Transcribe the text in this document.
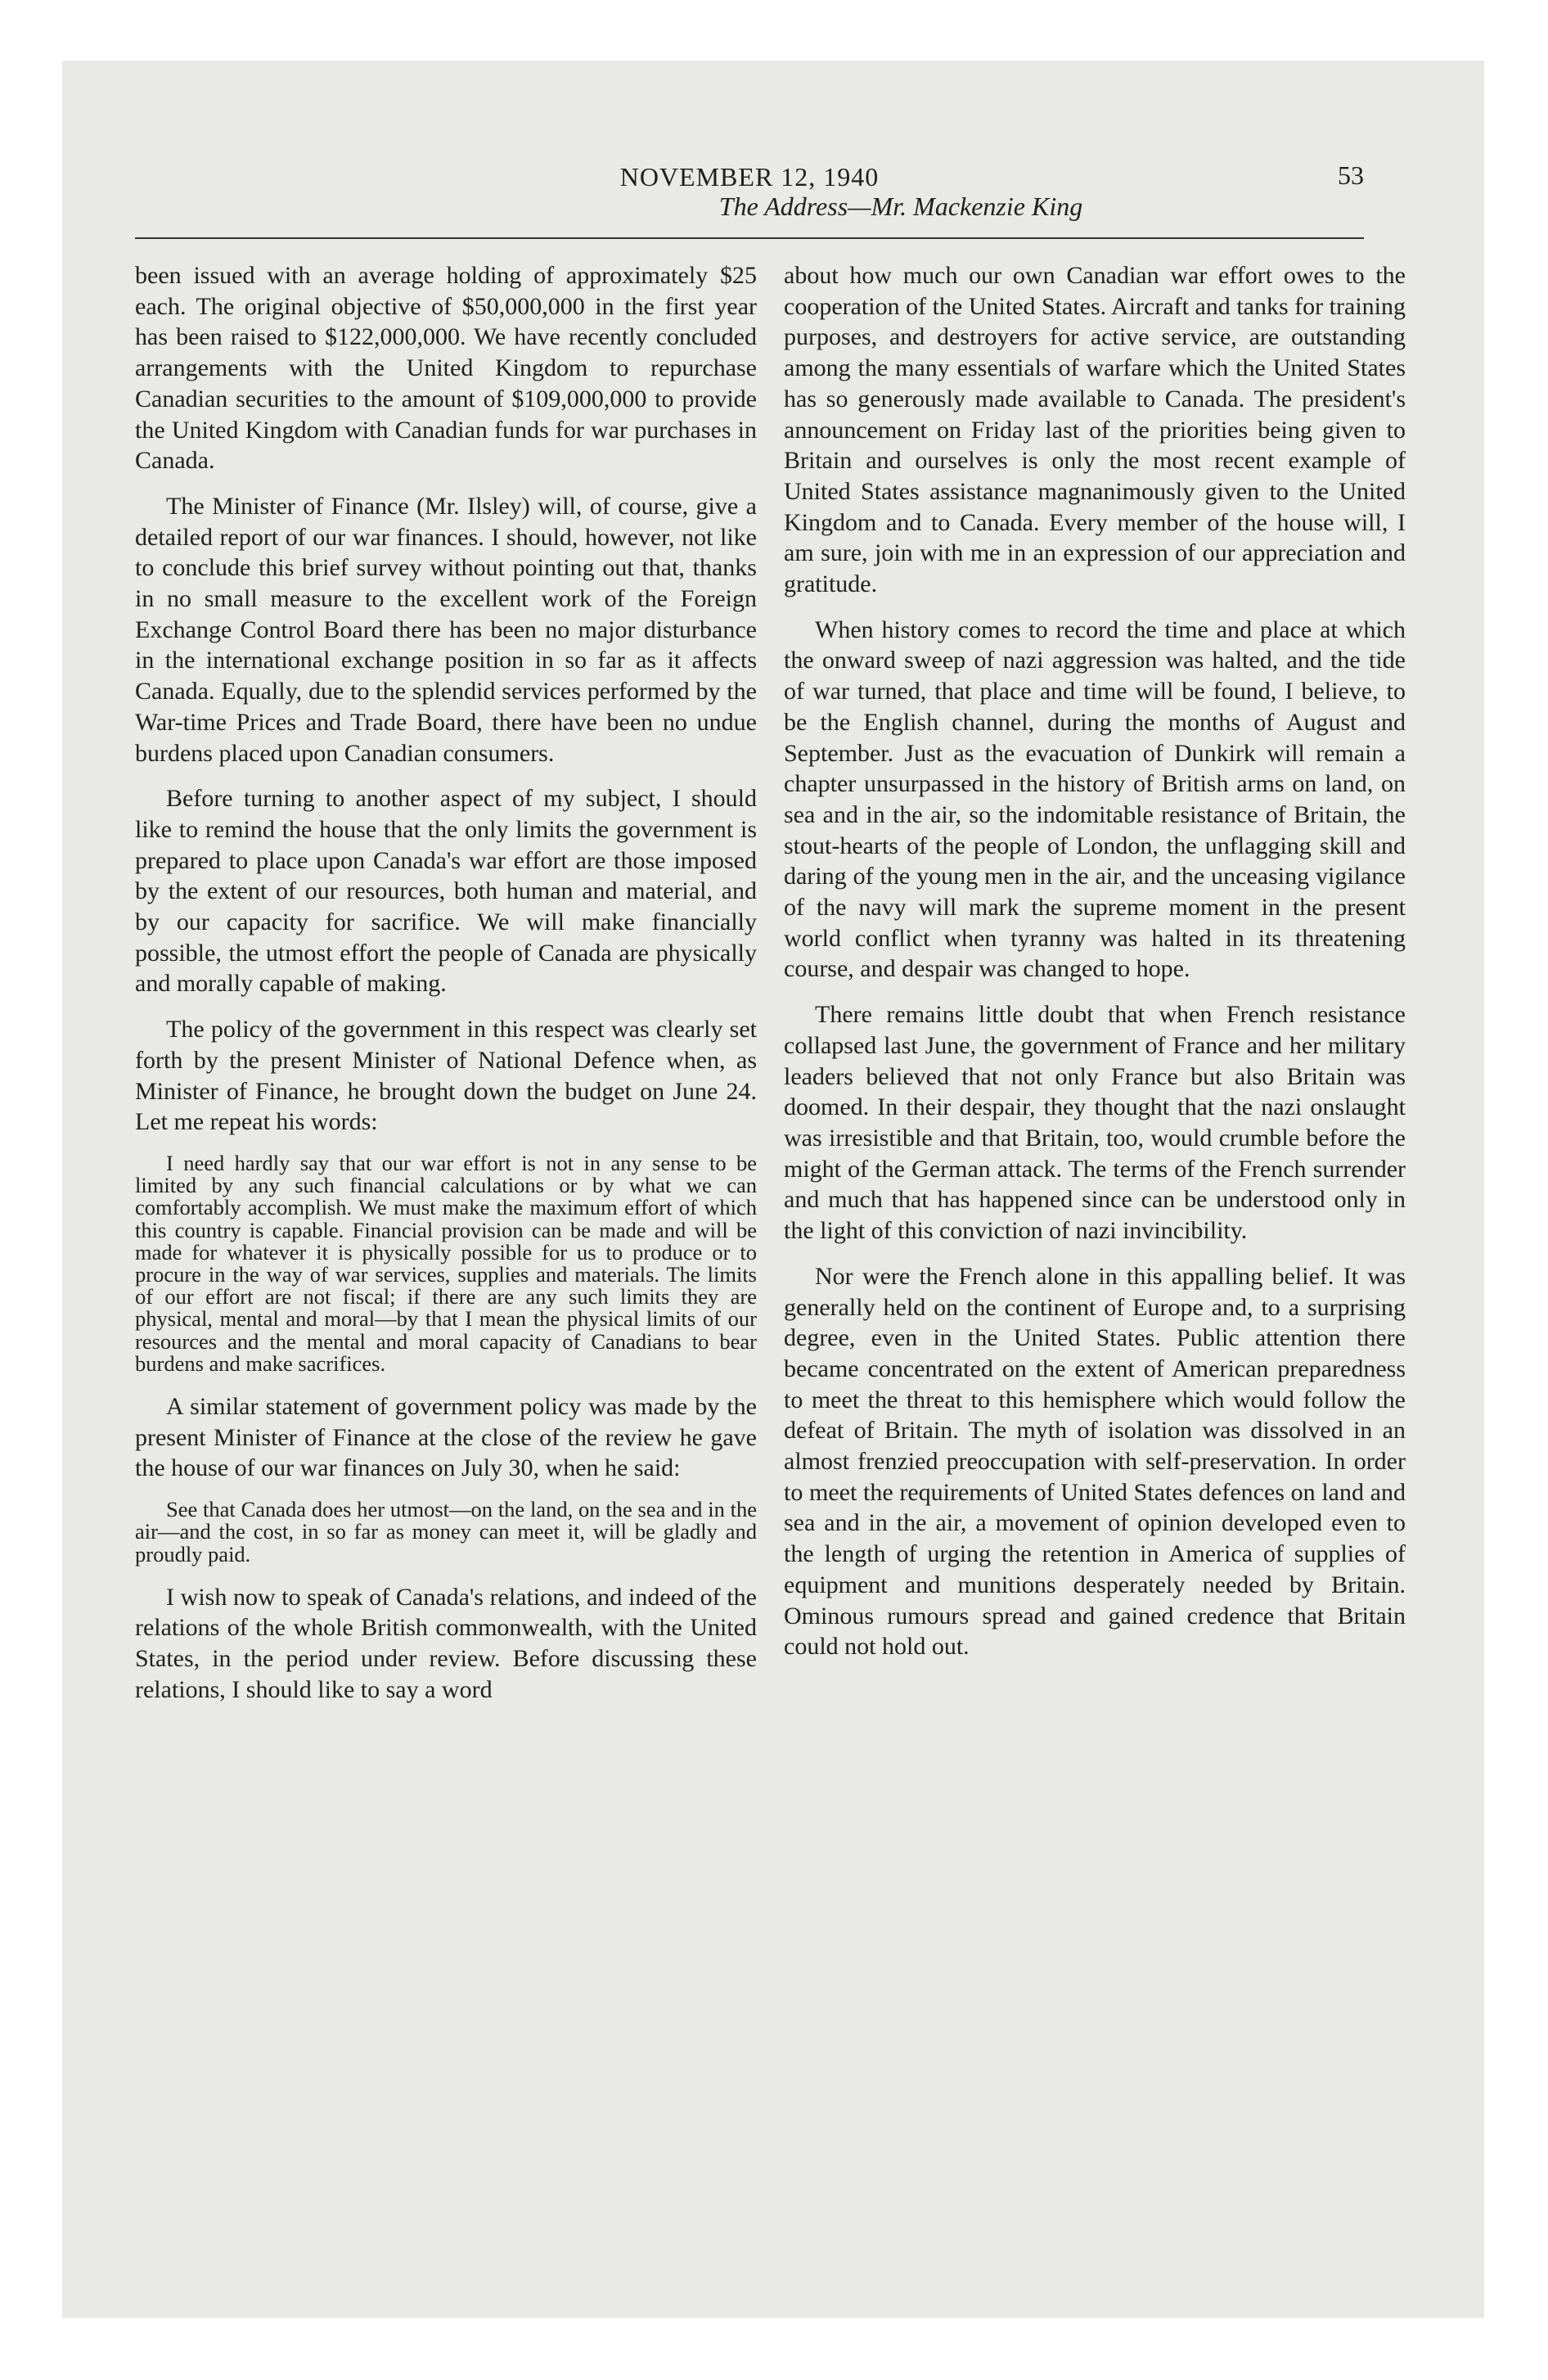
NOVEMBER 12, 1940	53
The Address—Mr. Mackenzie King

been issued with an average holding of approximately $25 each. The original objective of $50,000,000 in the first year has been raised to $122,000,000. We have recently concluded arrangements with the United Kingdom to repurchase Canadian securities to the amount of $109,000,000 to provide the United Kingdom with Canadian funds for war purchases in Canada.

The Minister of Finance (Mr. Ilsley) will, of course, give a detailed report of our war finances. I should, however, not like to conclude this brief survey without pointing out that, thanks in no small measure to the excellent work of the Foreign Exchange Control Board there has been no major disturbance in the international exchange position in so far as it affects Canada. Equally, due to the splendid services performed by the War-time Prices and Trade Board, there have been no undue burdens placed upon Canadian consumers.

Before turning to another aspect of my subject, I should like to remind the house that the only limits the government is prepared to place upon Canada's war effort are those imposed by the extent of our resources, both human and material, and by our capacity for sacrifice. We will make financially possible, the utmost effort the people of Canada are physically and morally capable of making.

The policy of the government in this respect was clearly set forth by the present Minister of National Defence when, as Minister of Finance, he brought down the budget on June 24. Let me repeat his words:

I need hardly say that our war effort is not in any sense to be limited by any such financial calculations or by what we can comfortably accomplish. We must make the maximum effort of which this country is capable. Financial provision can be made and will be made for whatever it is physically possible for us to produce or to procure in the way of war services, supplies and materials. The limits of our effort are not fiscal; if there are any such limits they are physical, mental and moral—by that I mean the physical limits of our resources and the mental and moral capacity of Canadians to bear burdens and make sacrifices.

A similar statement of government policy was made by the present Minister of Finance at the close of the review he gave the house of our war finances on July 30, when he said:

See that Canada does her utmost—on the land, on the sea and in the air—and the cost, in so far as money can meet it, will be gladly and proudly paid.

I wish now to speak of Canada's relations, and indeed of the relations of the whole British commonwealth, with the United States, in the period under review. Before discussing these relations, I should like to say a word

about how much our own Canadian war effort owes to the cooperation of the United States. Aircraft and tanks for training purposes, and destroyers for active service, are outstanding among the many essentials of warfare which the United States has so generously made available to Canada. The president's announcement on Friday last of the priorities being given to Britain and ourselves is only the most recent example of United States assistance magnanimously given to the United Kingdom and to Canada. Every member of the house will, I am sure, join with me in an expression of our appreciation and gratitude.

When history comes to record the time and place at which the onward sweep of nazi aggression was halted, and the tide of war turned, that place and time will be found, I believe, to be the English channel, during the months of August and September. Just as the evacuation of Dunkirk will remain a chapter unsurpassed in the history of British arms on land, on sea and in the air, so the indomitable resistance of Britain, the stout-hearts of the people of London, the unflagging skill and daring of the young men in the air, and the unceasing vigilance of the navy will mark the supreme moment in the present world conflict when tyranny was halted in its threatening course, and despair was changed to hope.

There remains little doubt that when French resistance collapsed last June, the government of France and her military leaders believed that not only France but also Britain was doomed. In their despair, they thought that the nazi onslaught was irresistible and that Britain, too, would crumble before the might of the German attack. The terms of the French surrender and much that has happened since can be understood only in the light of this conviction of nazi invincibility.

Nor were the French alone in this appalling belief. It was generally held on the continent of Europe and, to a surprising degree, even in the United States. Public attention there became concentrated on the extent of American preparedness to meet the threat to this hemisphere which would follow the defeat of Britain. The myth of isolation was dissolved in an almost frenzied preoccupation with self-preservation. In order to meet the requirements of United States defences on land and sea and in the air, a movement of opinion developed even to the length of urging the retention in America of supplies of equipment and munitions desperately needed by Britain. Ominous rumours spread and gained credence that Britain could not hold out.
